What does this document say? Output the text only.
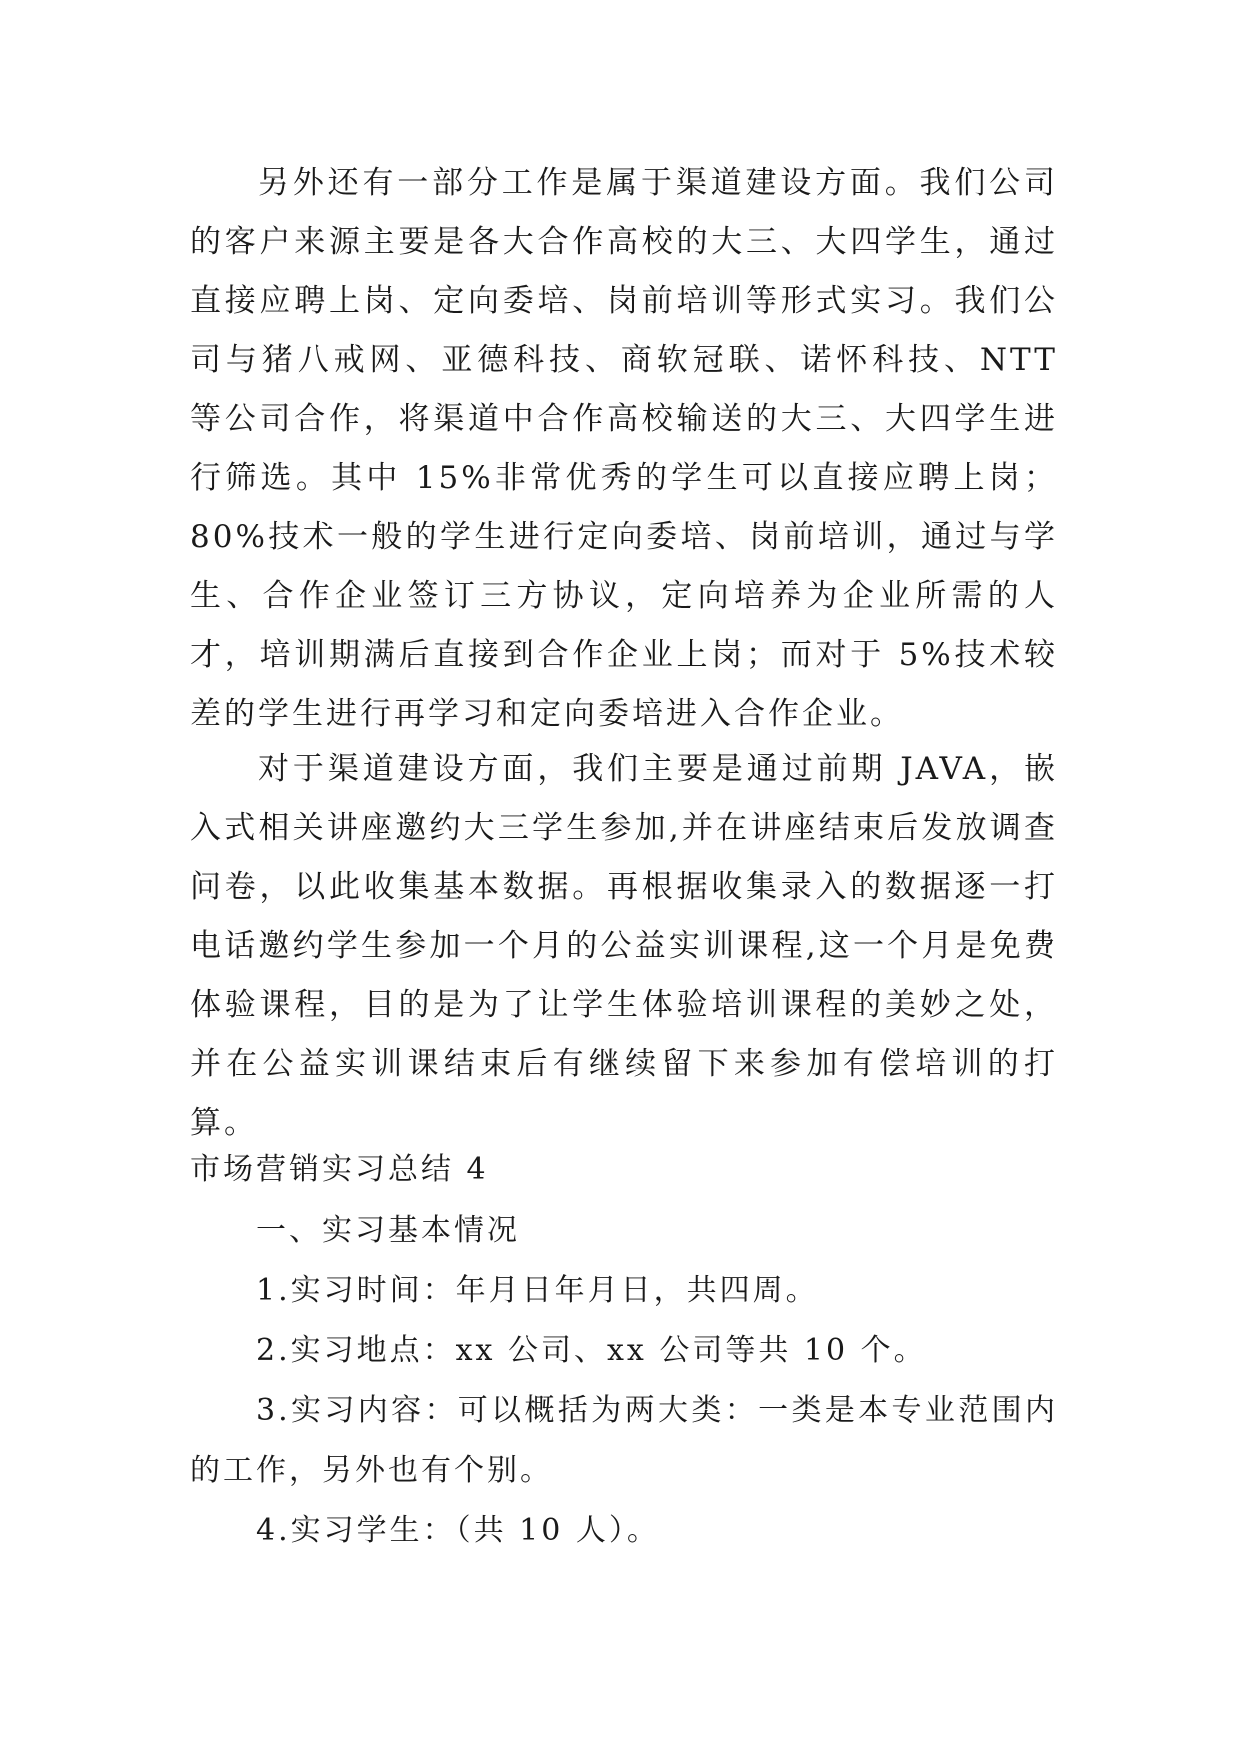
另外还有一部分工作是属于渠道建设方面。我们公司的客户来源主要是各大合作高校的大三、大四学生，通过直接应聘上岗、定向委培、岗前培训等形式实习。我们公司与猪八戒网、亚德科技、商软冠联、诺怀科技、NTT 等公司合作，将渠道中合作高校输送的大三、大四学生进行筛选。其中 15%非常优秀的学生可以直接应聘上岗；80%技术一般的学生进行定向委培、岗前培训，通过与学生、合作企业签订三方协议，定向培养为企业所需的人才，培训期满后直接到合作企业上岗；而对于 5%技术较差的学生进行再学习和定向委培进入合作企业。

对于渠道建设方面，我们主要是通过前期 JAVA，嵌入式相关讲座邀约大三学生参加,并在讲座结束后发放调查问卷，以此收集基本数据。再根据收集录入的数据逐一打电话邀约学生参加一个月的公益实训课程,这一个月是免费体验课程，目的是为了让学生体验培训课程的美妙之处，并在公益实训课结束后有继续留下来参加有偿培训的打算。

市场营销实习总结 4

一、实习基本情况

1.实习时间：年月日年月日，共四周。

2.实习地点：xx 公司、xx 公司等共 10 个。

3.实习内容：可以概括为两大类：一类是本专业范围内的工作，另外也有个别。

4.实习学生：（共 10 人）。
